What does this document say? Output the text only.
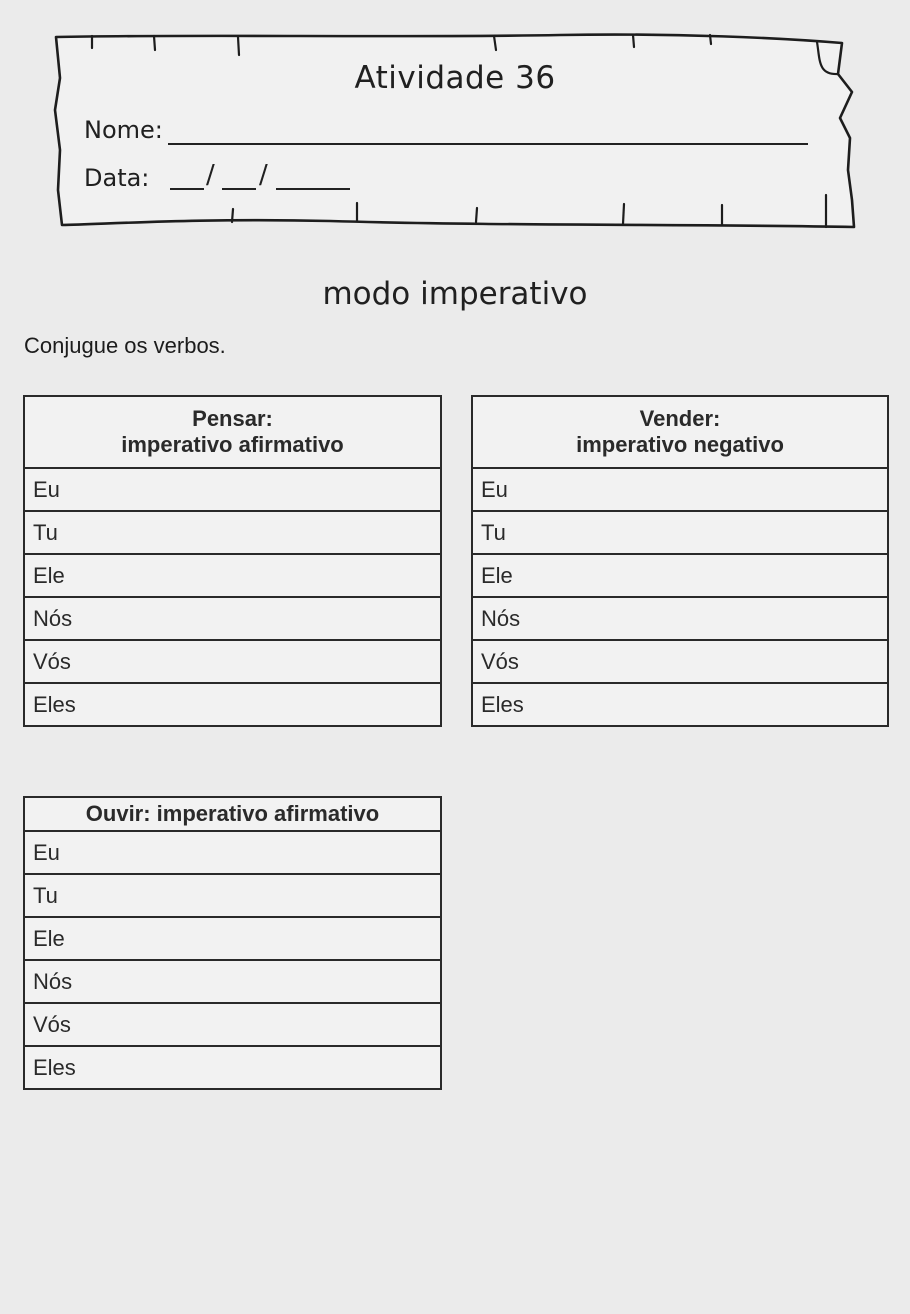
Atividade 36
Nome:
Data: / /
modo imperativo
Conjugue os verbos.
Pensar:
imperativo afirmativo

Eu
Tu
Ele
Nós
Vós
Eles
Vender:
imperativo negativo

Eu
Tu
Ele
Nós
Vós
Eles
Ouvir: imperativo afirmativo

Eu
Tu
Ele
Nós
Vós
Eles
